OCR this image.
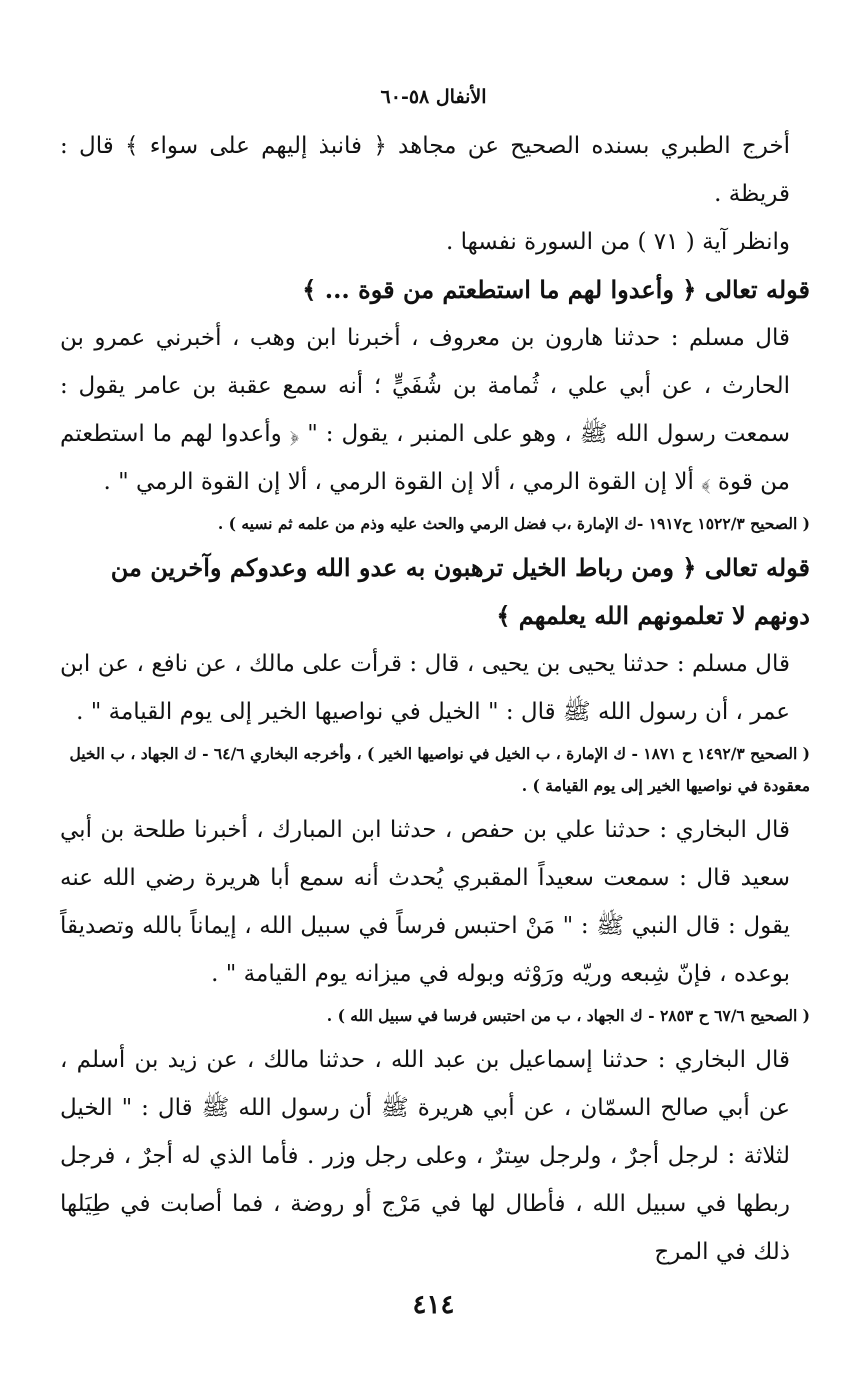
الأنفال ٥٨-٦٠

أخرج الطبري بسنده الصحيح عن مجاهد ﴿ فانبذ إليهم على سواء ﴾ قال : قريظة .

وانظر آية ( ٧١ ) من السورة نفسها .

قوله تعالى ﴿ وأعدوا لهم ما استطعتم من قوة ... ﴾

قال مسلم : حدثنا هارون بن معروف ، أخبرنا ابن وهب ، أخبرني عمرو بن الحارث ، عن أبي علي ، ثُمامة بن شُفَيٍّ ؛ أنه سمع عقبة بن عامر يقول : سمعت رسول الله ﷺ ، وهو على المنبر ، يقول : " ﴿ وأعدوا لهم ما استطعتم من قوة ﴾ ألا إن القوة الرمي ، ألا إن القوة الرمي ، ألا إن القوة الرمي " .

( الصحيح ١٥٢٢/٣ ح١٩١٧ -ك الإمارة ،ب فضل الرمي والحث عليه وذم من علمه ثم نسيه ) .

قوله تعالى ﴿ ومن رباط الخيل ترهبون به عدو الله وعدوكم وآخرين من دونهم لا تعلمونهم الله يعلمهم ﴾

قال مسلم : حدثنا يحيى بن يحيى ، قال : قرأت على مالك ، عن نافع ، عن ابن عمر ، أن رسول الله ﷺ قال : " الخيل في نواصيها الخير إلى يوم القيامة " .

( الصحيح ١٤٩٢/٣ ح ١٨٧١ - ك الإمارة ، ب الخيل في نواصيها الخير ) ، وأخرجه البخاري ٦٤/٦ - ك الجهاد ، ب الخيل معقودة في نواصيها الخير إلى يوم القيامة ) .

قال البخاري : حدثنا علي بن حفص ، حدثنا ابن المبارك ، أخبرنا طلحة بن أبي سعيد قال : سمعت سعيداً المقبري يُحدث أنه سمع أبا هريرة رضي الله عنه يقول : قال النبي ﷺ : " مَنْ احتبس فرساً في سبيل الله ، إيماناً بالله وتصديقاً بوعده ، فإنّ شِبعه وريّه ورَوْثه وبوله في ميزانه يوم القيامة " .

( الصحيح ٦٧/٦ ح ٢٨٥٣ - ك الجهاد ، ب من احتبس فرسا في سبيل الله ) .

قال البخاري : حدثنا إسماعيل بن عبد الله ، حدثنا مالك ، عن زيد بن أسلم ، عن أبي صالح السمّان ، عن أبي هريرة ﷺ أن رسول الله ﷺ قال : " الخيل لثلاثة : لرجل أجرٌ ، ولرجل سِترٌ ، وعلى رجل وزر . فأما الذي له أجرٌ ، فرجل ربطها في سبيل الله ، فأطال لها في مَرْج أو روضة ، فما أصابت في طِيَلها ذلك في المرج

٤١٤
